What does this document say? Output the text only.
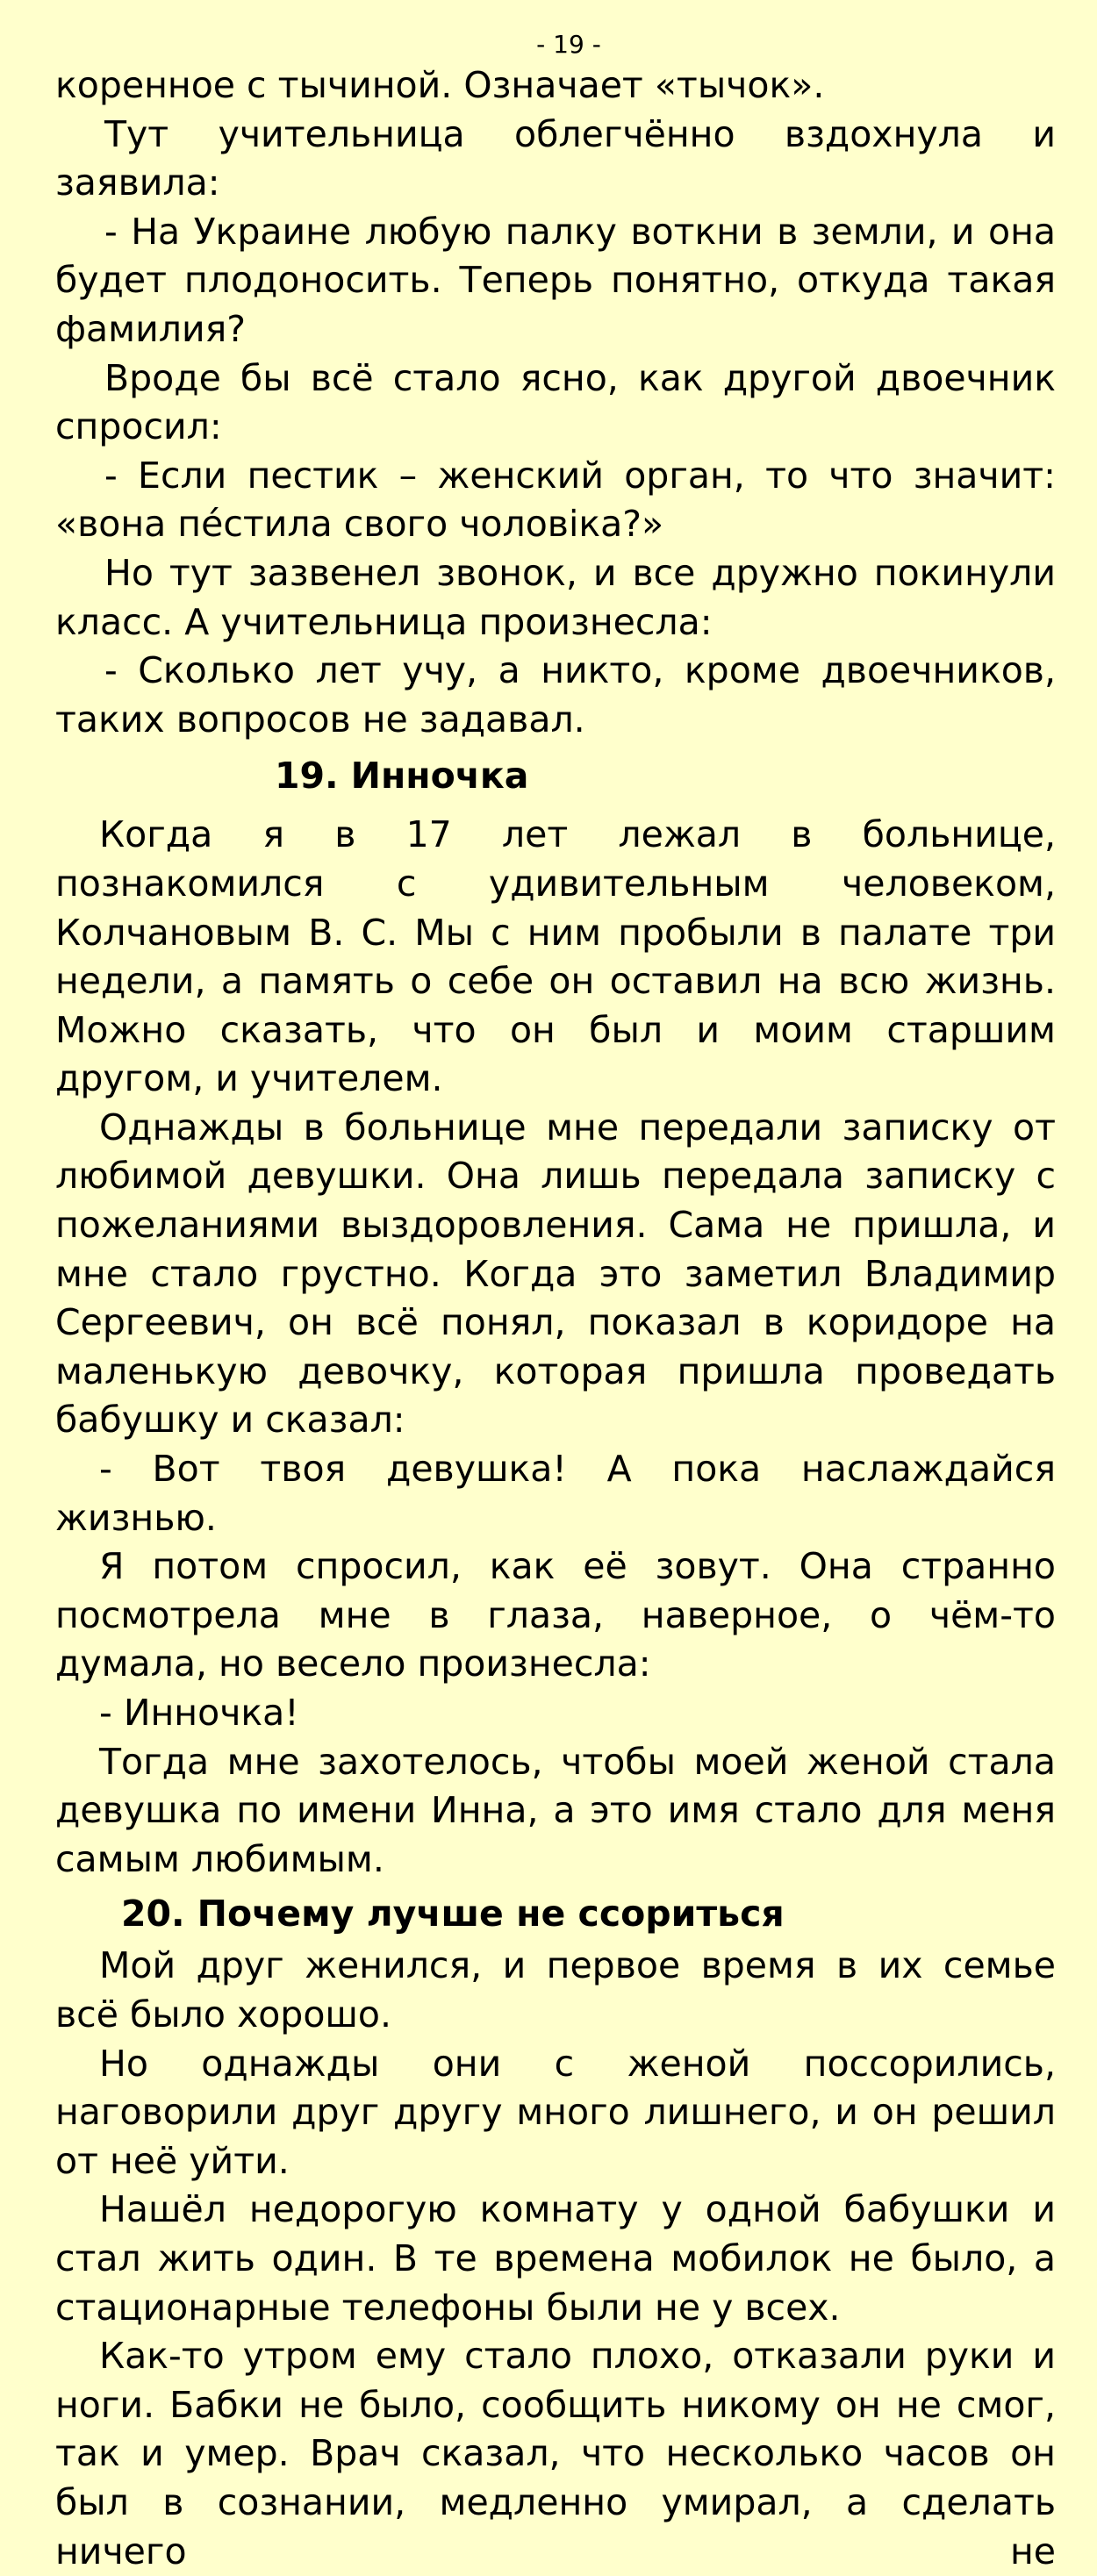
- 19 -

коренное с тычиной. Означает «тычок».

Тут учительница облегчённо вздохнула и заявила:

- На Украине любую палку воткни в земли, и она будет плодоносить. Теперь понятно, откуда такая фамилия?

Вроде бы всё стало ясно, как другой двоечник спросил:

- Если пестик – женский орган, то что значит: «вона пе́стила свого чоловіка?»

Но тут зазвенел звонок, и все дружно покинули класс. А учительница произнесла:

- Сколько лет учу, а никто, кроме двоечников, таких вопросов не задавал.

19. Инночка

Когда я в 17 лет лежал в больнице, познакомился с удивительным человеком, Колчановым В. С. Мы с ним пробыли в палате три недели, а память о себе он оставил на всю жизнь. Можно сказать, что он был и моим старшим другом, и учителем.

Однажды в больнице мне передали записку от любимой девушки. Она лишь передала записку с пожеланиями выздоровления. Сама не пришла, и мне стало грустно. Когда это заметил Владимир Сергеевич, он всё понял, показал в коридоре на маленькую девочку, которая пришла проведать бабушку и сказал:

- Вот твоя девушка! А пока наслаждайся жизнью.

Я потом спросил, как её зовут. Она странно посмотрела мне в глаза, наверное, о чём-то думала, но весело произнесла:

- Инночка!

Тогда мне захотелось, чтобы моей женой стала девушка по имени Инна, а это имя стало для меня самым любимым.

20. Почему лучше не ссориться

Мой друг женился, и первое время в их семье всё было хорошо.

Но однажды они с женой поссорились, наговорили друг другу много лишнего, и он решил от неё уйти.

Нашёл недорогую комнату у одной бабушки и стал жить один. В те времена мобилок не было, а стационарные телефоны были не у всех.

Как-то утром ему стало плохо, отказали руки и ноги. Бабки не было, сообщить никому он не смог, так и умер. Врач сказал, что несколько часов он был в сознании, медленно умирал, а сделать ничего не
